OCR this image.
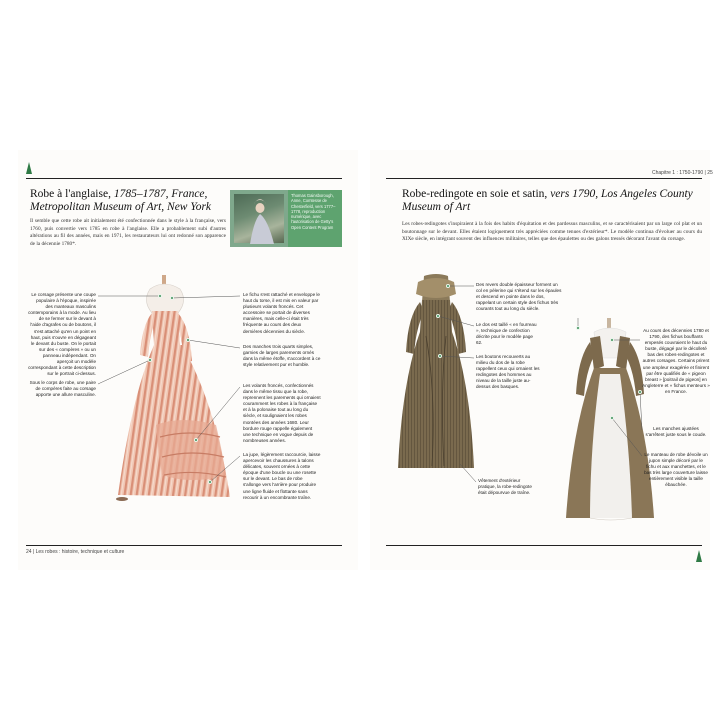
Robe à l'anglaise, 1785–1787, France, Metropolitan Museum of Art, New York
Il semble que cette robe ait initialement été confectionnée dans le style à la française, vers 1760, puis convertie vers 1785 en robe à l'anglaise. Elle a probablement subi d'autres altérations au fil des années, mais en 1971, les restaurateurs lui ont redonné son apparence de la décennie 1780*.
Thomas Gainsborough, Anne, Comtesse de Chesterfield, vers 1777–1778, reproduction numérique, avec l'autorisation de Getty's Open Content Program
Le corsage présente une coupe populaire à l'époque, inspirée des manteaux masculins contemporains à la mode. Au lieu de se fermer sur le devant à l'aide d'agrafes ou de boutons, il s'est attaché qu'en un point en haut, puis s'ouvre en dégageant le devant du buste. On le portait sur des « compères » ou un panneau indépendant. On aperçoit un modèle correspondant à cette description sur le portrait ci-dessus.
Sous le corps de robe, une paire de compères faite au corsage apporte une allure masculine.
Le fichu s'est rattaché et enveloppe le haut du torse, il est mis en valeur par plusieurs volants froncés. Cet accessoire se portait de diverses manières, mais celle-ci était très fréquente au cours des deux dernières décennies du siècle.
Des manches trois quarts simples, garnies de larges parements ornés dans la même étoffe, s'accordent à ce style relativement pur et humble.
Les volants froncés, confectionnés dans le même tissu que la robe, reprennent les parements qui ornaient couramment les robes à la française et à la polonaise tout au long du siècle, et soulignaient les robes montées des années 1680. Leur bordure rouge rappelle également une technique en vogue depuis de nombreuses années.
La jupe, légèrement raccourcie, laisse apercevoir les chaussures à talons délicates, souvent ornées à cette époque d'une boucle ou une rosette sur le devant. Le bas de robe s'allonge vers l'arrière pour produire une ligne fluide et flottante sans recourir à un encombrante traîne.
24 | Les robes : histoire, technique et culture
Chapitre 1 : 1750-1790 | 25
Robe-redingote en soie et satin, vers 1790, Los Angeles County Museum of Art
Les robes-redingotes s'inspiraient à la fois des habits d'équitation et des pardessus masculins, et se caractérisaient par un large col plat et un boutonnage sur le devant. Elles étaient logiquement très appréciées comme tenues d'extérieur*. Le modèle continua d'évoluer au cours du XIXe siècle, en intégrant souvent des influences militaires, telles que des épaulettes ou des galons tressés décorant l'avant du corsage.
Des revers double épaisseur forment un col en pèlerine qui s'étend sur les épaules et descend en pointe dans le dos, rappelant un certain style des fichus très courants tout au long du siècle.
Le dos est taillé « en fourreau », technique de confection décrite pour le modèle page 62.
Les boutons recouverts au milieu du dos de la robe rappellent ceux qui ornaient les redingotes des hommes au niveau de la taille juste au-dessus des basques.
Vêtement d'extérieur pratique, la robe-redingote était dépourvue de traîne.
Au cours des décennies 1780 et 1790, des fichus bouffants empesés couvraient le haut du buste, dégagé par le décolleté bas des robes-redingotes et autres corsages. Certains prirent une ampleur exagérée et finirent par être qualifiés de « pigeon breast » [poitrail de pigeon] en Angleterre et « fichus menteurs » en France.
Les manches ajustées s'arrêtent juste sous le coude.
Le manteau de robe dévoile un jupon simple décoré par le fichu et aux manchettes, et le bas très large couverture laisse entièrement visible la taille ébauchée.
